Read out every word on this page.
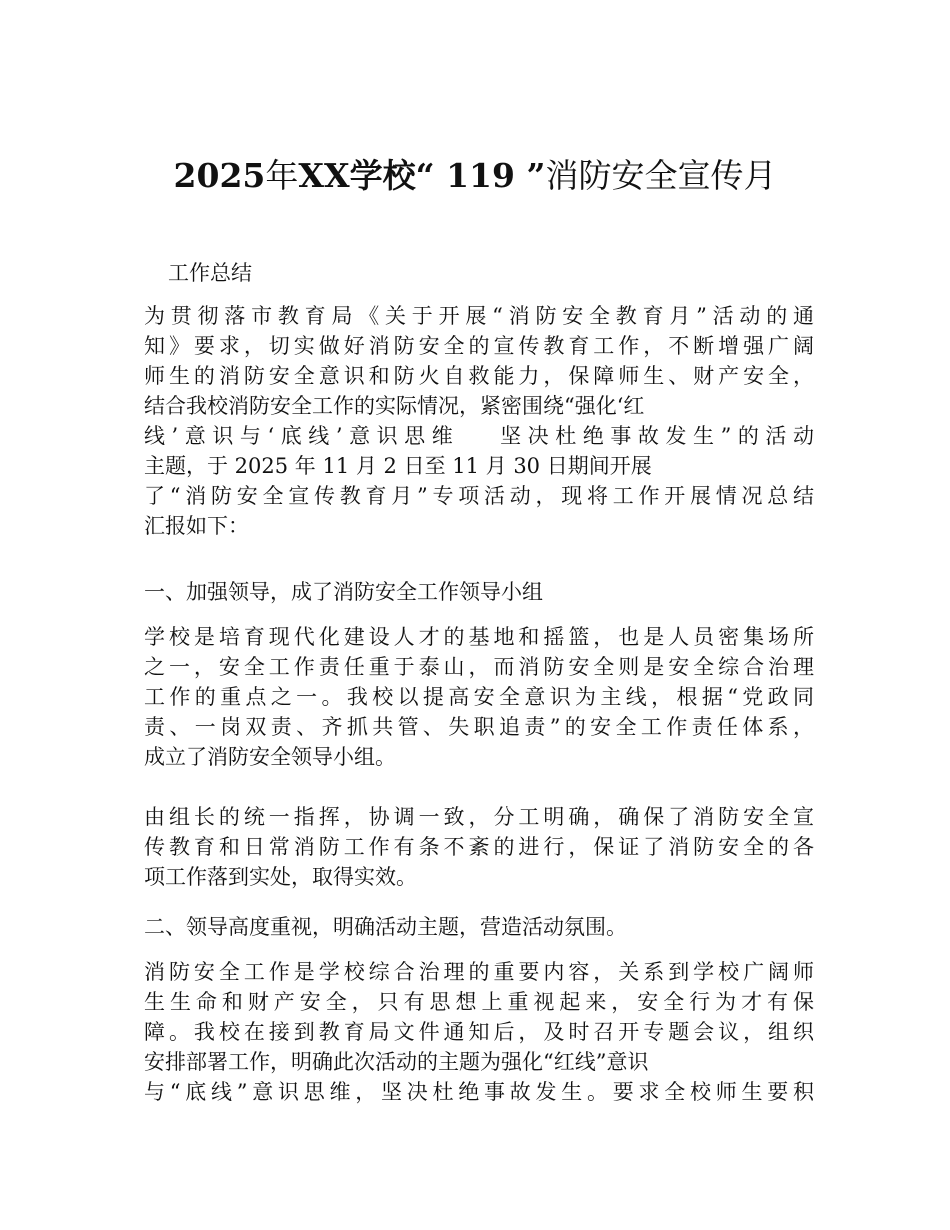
2025年XX学校“ 119 ”消防安全宣传月
工作总结
为贯彻落市教育局《关于开展“消防安全教育月”活动的通
知》要求，切实做好消防安全的宣传教育工作，不断增强广阔
师生的消防安全意识和防火自救能力，保障师生、财产安全，
结合我校消防安全工作的实际情况，紧密围绕“强化‘红
线’意识与‘底线’意识思维　 坚决杜绝事故发生”的活动
主题，于 2025 年 11 月 2 日至 11 月 30 日期间开展
了“消防安全宣传教育月”专项活动，现将工作开展情况总结
汇报如下：
一、加强领导，成了消防安全工作领导小组
学校是培育现代化建设人才的基地和摇篮，也是人员密集场所
之一，安全工作责任重于泰山，而消防安全则是安全综合治理
工作的重点之一。我校以提高安全意识为主线，根据“党政同
责、一岗双责、齐抓共管、失职追责”的安全工作责任体系，
成立了消防安全领导小组。
由组长的统一指挥，协调一致，分工明确，确保了消防安全宣
传教育和日常消防工作有条不紊的进行，保证了消防安全的各
项工作落到实处，取得实效。
二、领导高度重视，明确活动主题，营造活动氛围。
消防安全工作是学校综合治理的重要内容，关系到学校广阔师
生生命和财产安全，只有思想上重视起来，安全行为才有保
障。我校在接到教育局文件通知后，及时召开专题会议，组织
安排部署工作，明确此次活动的主题为强化“红线”意识
与“底线”意识思维，坚决杜绝事故发生。要求全校师生要积
